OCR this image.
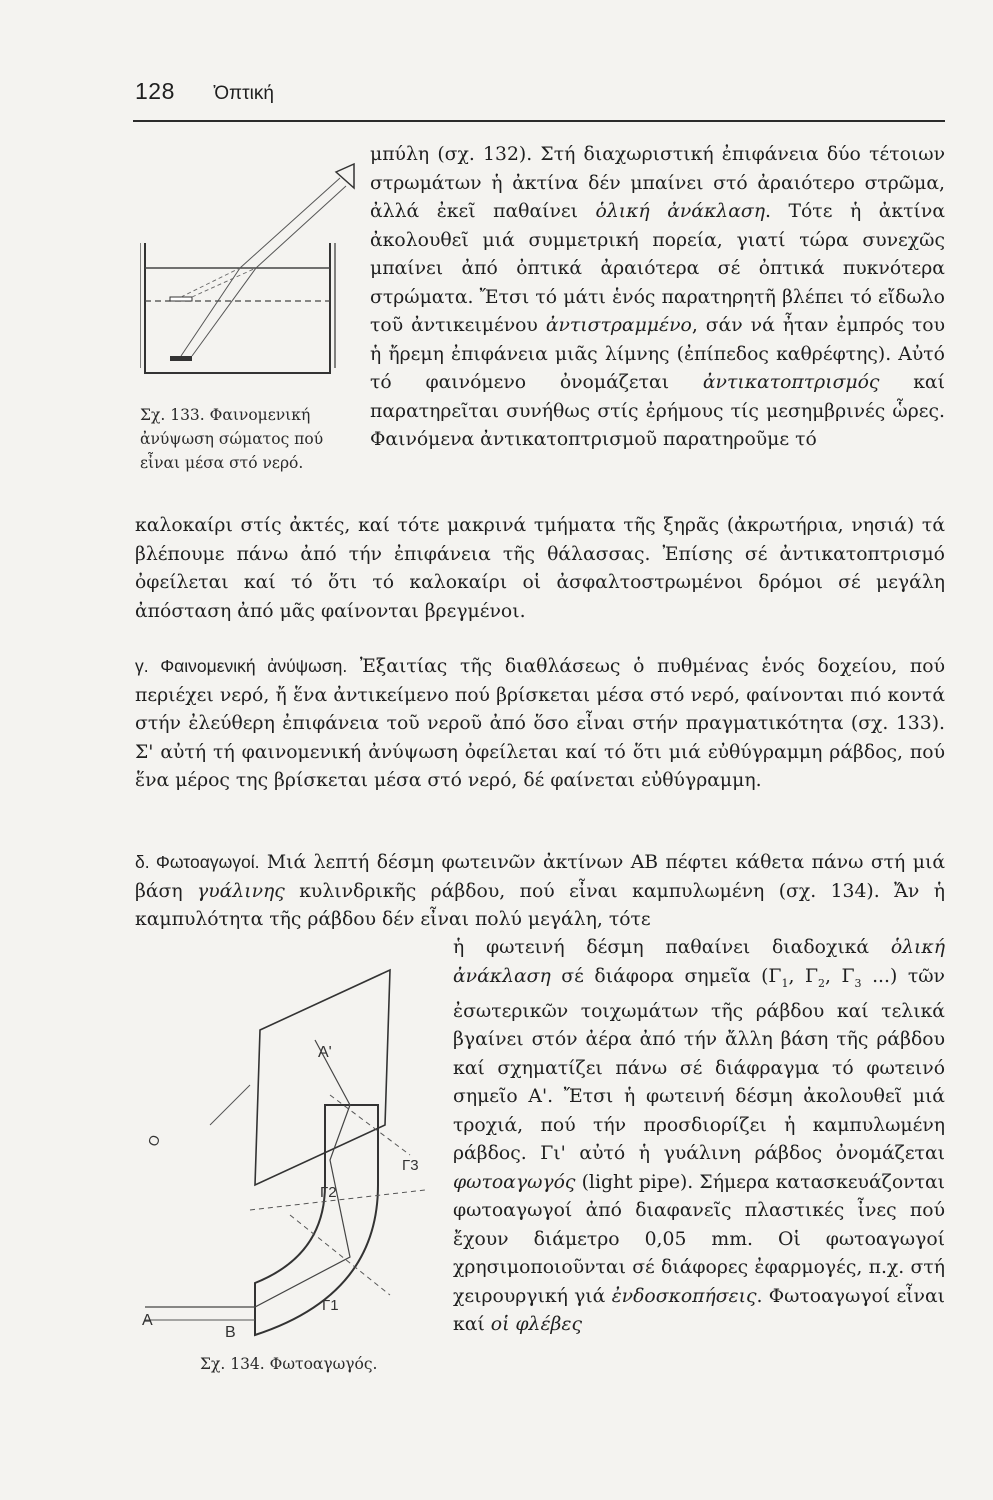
128 Ὀπτική
Σχ. 133. Φαινομενική ἀνύψωση σώματος πού εἶναι μέσα στό νερό.

μπύλη (σχ. 132). Στή διαχωριστική ἐπιφάνεια δύο τέτοιων στρωμάτων ἡ ἀκτίνα δέν μπαίνει στό ἀραιότερο στρῶμα, ἀλλά ἐκεῖ παθαίνει ὁλική ἀνάκλαση. Τότε ἡ ἀκτίνα ἀκολουθεῖ μιά συμμετρική πορεία, γιατί τώρα συνεχῶς μπαίνει ἀπό ὀπτικά ἀραιότερα σέ ὀπτικά πυκνότερα στρώματα. Ἔτσι τό μάτι ἑνός παρατηρητῆ βλέπει τό εἴδωλο τοῦ ἀντικειμένου ἀντιστραμμένο, σάν νά ἦταν ἐμπρός του ἡ ἤρεμη ἐπιφάνεια μιᾶς λίμνης (ἐπίπεδος καθρέφτης). Αὐτό τό φαινόμενο ὀνομάζεται ἀντικατοπτρισμός καί παρατηρεῖται συνήθως στίς ἐρήμους τίς μεσημβρινές ὧρες. Φαινόμενα ἀντικατοπτρισμοῦ παρατηροῦμε τό

καλοκαίρι στίς ἀκτές, καί τότε μακρινά τμήματα τῆς ξηρᾶς (ἀκρωτήρια, νησιά) τά βλέπουμε πάνω ἀπό τήν ἐπιφάνεια τῆς θάλασσας. Ἐπίσης σέ ἀντικατοπτρισμό ὀφείλεται καί τό ὅτι τό καλοκαίρι οἱ ἀσφαλτοστρωμένοι δρόμοι σέ μεγάλη ἀπόσταση ἀπό μᾶς φαίνονται βρεγμένοι.

γ. Φαινομενική ἀνύψωση. Ἐξαιτίας τῆς διαθλάσεως ὁ πυθμένας ἑνός δοχείου, πού περιέχει νερό, ἤ ἕνα ἀντικείμενο πού βρίσκεται μέσα στό νερό, φαίνονται πιό κοντά στήν ἐλεύθερη ἐπιφάνεια τοῦ νεροῦ ἀπό ὅσο εἶναι στήν πραγματικότητα (σχ. 133). Σ' αὐτή τή φαινομενική ἀνύψωση ὀφείλεται καί τό ὅτι μιά εὐθύγραμμη ράβδος, πού ἕνα μέρος της βρίσκεται μέσα στό νερό, δέ φαίνεται εὐθύγραμμη.

δ. Φωτοαγωγοί. Μιά λεπτή δέσμη φωτεινῶν ἀκτίνων ΑΒ πέφτει κάθετα πάνω στή μιά βάση γυάλινης κυλινδρικῆς ράβδου, πού εἶναι καμπυλωμένη (σχ. 134). Ἄν ἡ καμπυλότητα τῆς ράβδου δέν εἶναι πολύ μεγάλη, τότε

ἡ φωτεινή δέσμη παθαίνει διαδοχικά ὁλική ἀνάκλαση σέ διάφορα σημεῖα ($\Gamma_1$, $\Gamma_2$, $\Gamma_3$ ...) τῶν ἐσωτερικῶν τοιχωμάτων τῆς ράβδου καί τελικά βγαίνει στόν ἀέρα ἀπό τήν ἄλλη βάση τῆς ράβδου καί σχηματίζει πάνω σέ διάφραγμα τό φωτεινό σημεῖο Α'. Ἔτσι ἡ φωτεινή δέσμη ἀκολουθεῖ μιά τροχιά, πού τήν προσδιορίζει ἡ καμπυλωμένη ράβδος. Γι' αὐτό ἡ γυάλινη ράβδος ὀνομάζεται φωτοαγωγός (light pipe). Σήμερα κατασκευάζονται φωτοαγωγοί ἀπό διαφανεῖς πλαστικές ἶνες πού ἔχουν διάμετρο 0,05 mm. Οἱ φωτοαγωγοί χρησιμοποιοῦνται σέ διάφορες ἐφαρμογές, π.χ. στή χειρουργική γιά ἐνδοσκοπήσεις. Φωτοαγωγοί εἶναι καί οἱ φλέβες

A'
O
A
B
Γ1
Γ2
Γ3
Σχ. 134. Φωτοαγωγός.
